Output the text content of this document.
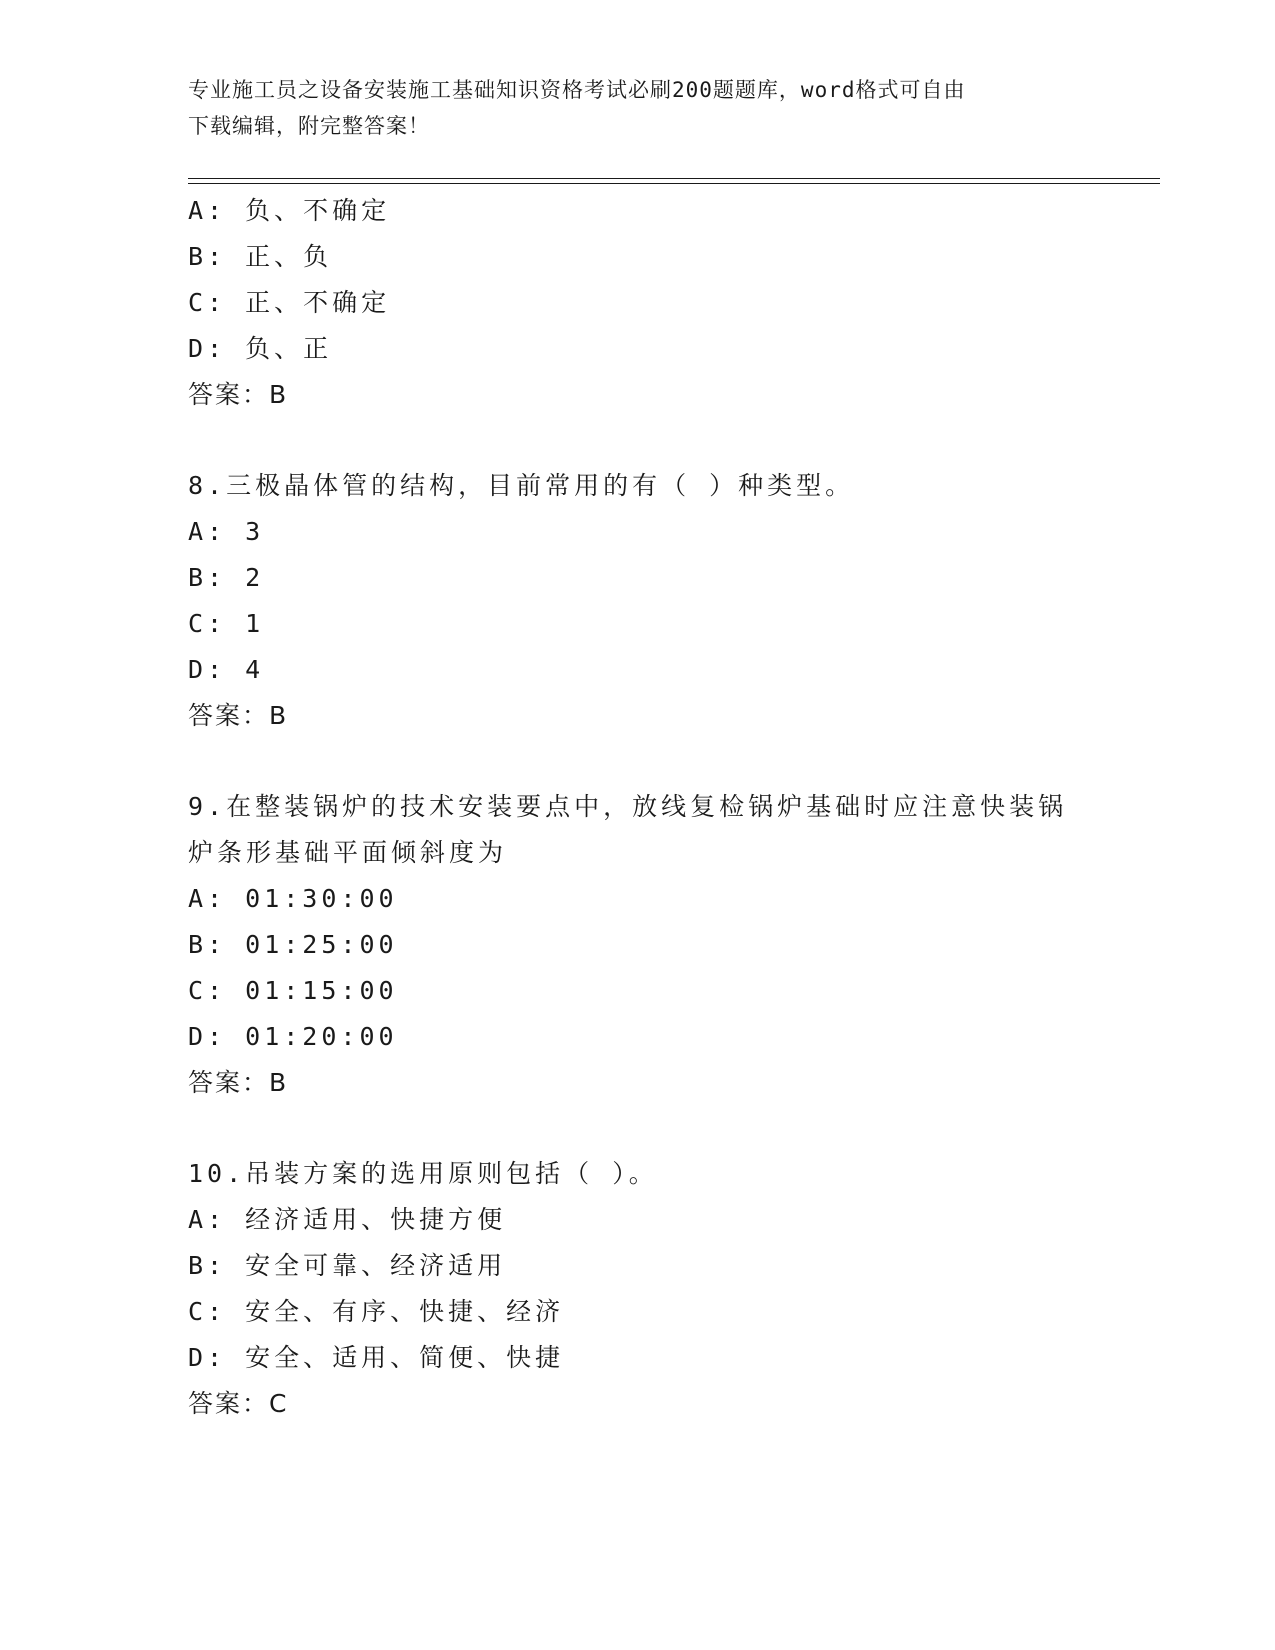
专业施工员之设备安装施工基础知识资格考试必刷200题题库，word格式可自由
下载编辑，附完整答案！
A: 负、不确定
B: 正、负
C: 正、不确定
D: 负、正
答案：B
8.三极晶体管的结构，目前常用的有（ ）种类型。
A: 3
B: 2
C: 1
D: 4
答案：B
9.在整装锅炉的技术安装要点中，放线复检锅炉基础时应注意快装锅
炉条形基础平面倾斜度为
A: 01:30:00
B: 01:25:00
C: 01:15:00
D: 01:20:00
答案：B
10.吊装方案的选用原则包括（ ）。
A: 经济适用、快捷方便
B: 安全可靠、经济适用
C: 安全、有序、快捷、经济
D: 安全、适用、简便、快捷
答案：C
